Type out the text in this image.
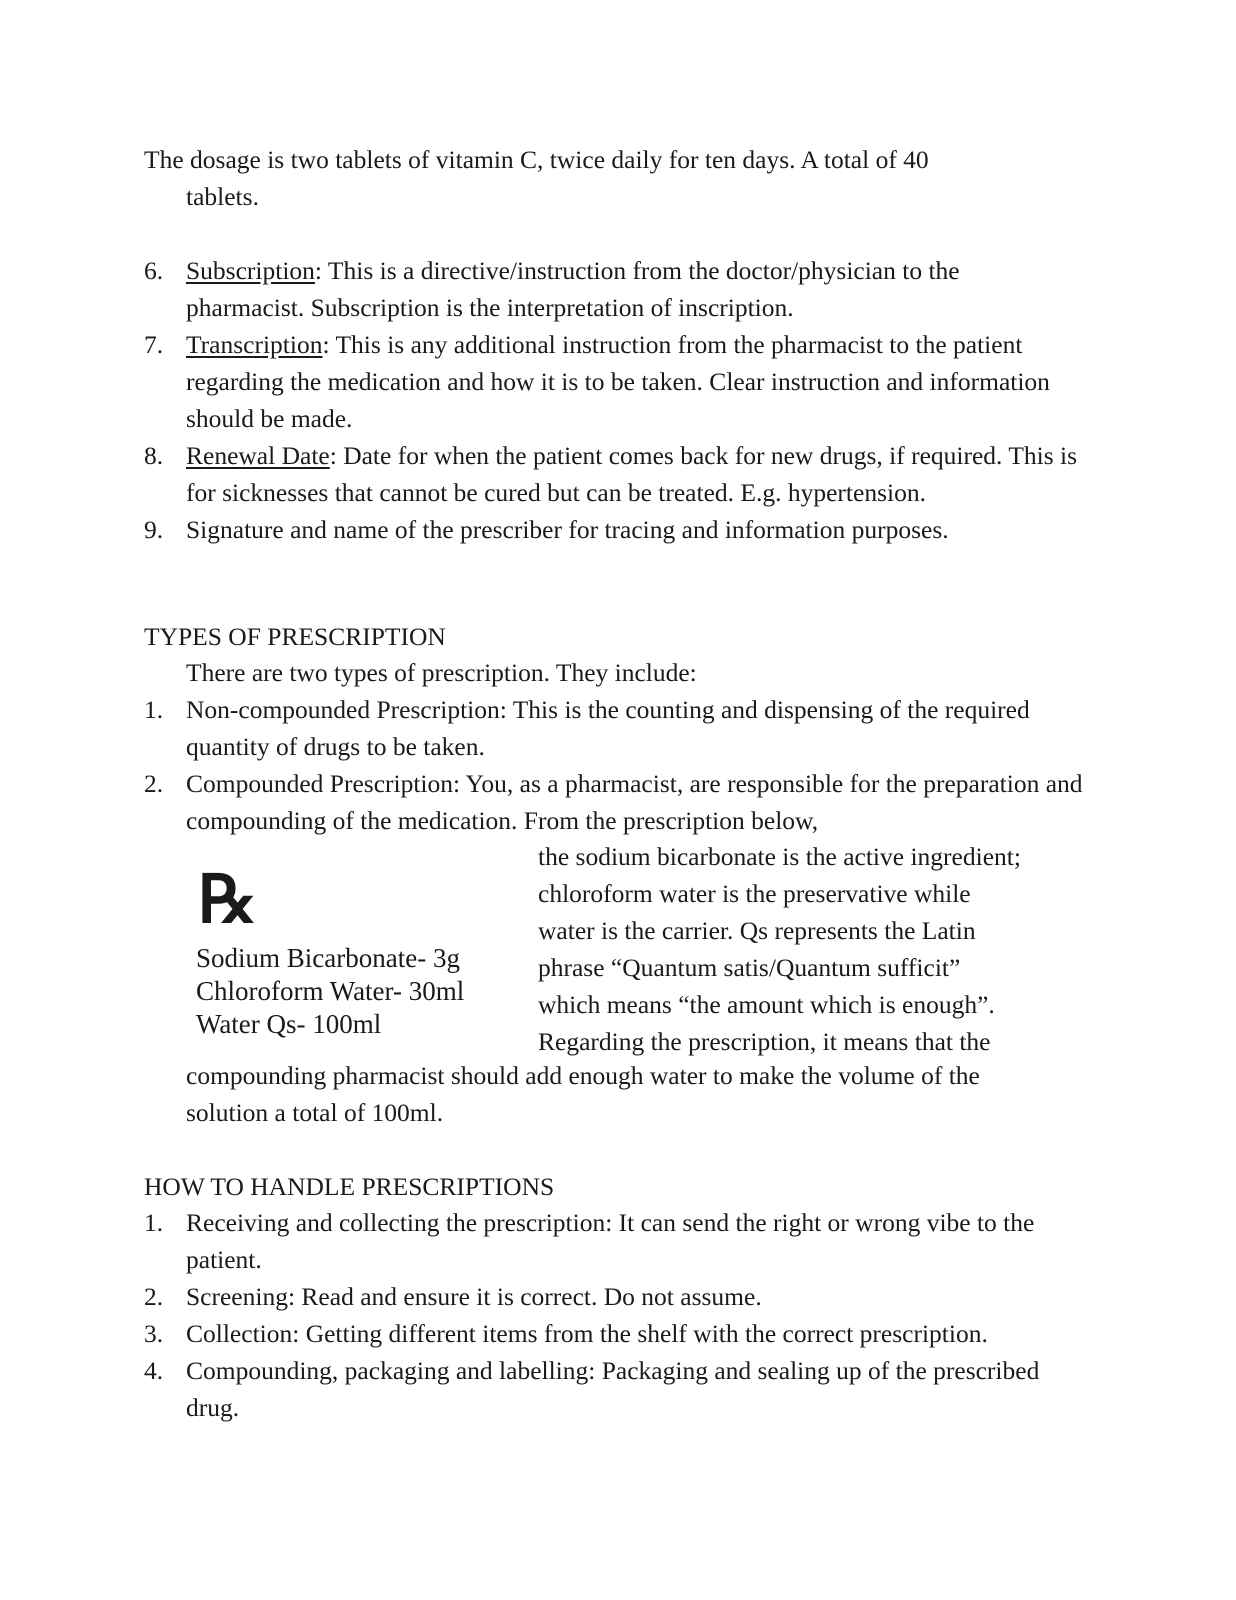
The dosage is two tablets of vitamin C, twice daily for ten days. A total of 40
tablets.
6. Subscription: This is a directive/instruction from the doctor/physician to the pharmacist. Subscription is the interpretation of inscription.
7. Transcription: This is any additional instruction from the pharmacist to the patient regarding the medication and how it is to be taken. Clear instruction and information should be made.
8. Renewal Date: Date for when the patient comes back for new drugs, if required. This is for sicknesses that cannot be cured but can be treated. E.g. hypertension.
9. Signature and name of the prescriber for tracing and information purposes.
TYPES OF PRESCRIPTION
There are two types of prescription. They include:
1. Non-compounded Prescription: This is the counting and dispensing of the required quantity of drugs to be taken.
2. Compounded Prescription: You, as a pharmacist, are responsible for the preparation and compounding of the medication. From the prescription below,
℞
Sodium Bicarbonate- 3g
Chloroform Water- 30ml
Water Qs- 100ml
the sodium bicarbonate is the active ingredient;
chloroform water is the preservative while
water is the carrier. Qs represents the Latin
phrase “Quantum satis/Quantum sufficit”
which means “the amount which is enough”.
Regarding the prescription, it means that the
compounding pharmacist should add enough water to make the volume of the
solution a total of 100ml.
HOW TO HANDLE PRESCRIPTIONS
1. Receiving and collecting the prescription: It can send the right or wrong vibe to the patient.
2. Screening: Read and ensure it is correct. Do not assume.
3. Collection: Getting different items from the shelf with the correct prescription.
4. Compounding, packaging and labelling: Packaging and sealing up of the prescribed drug.
